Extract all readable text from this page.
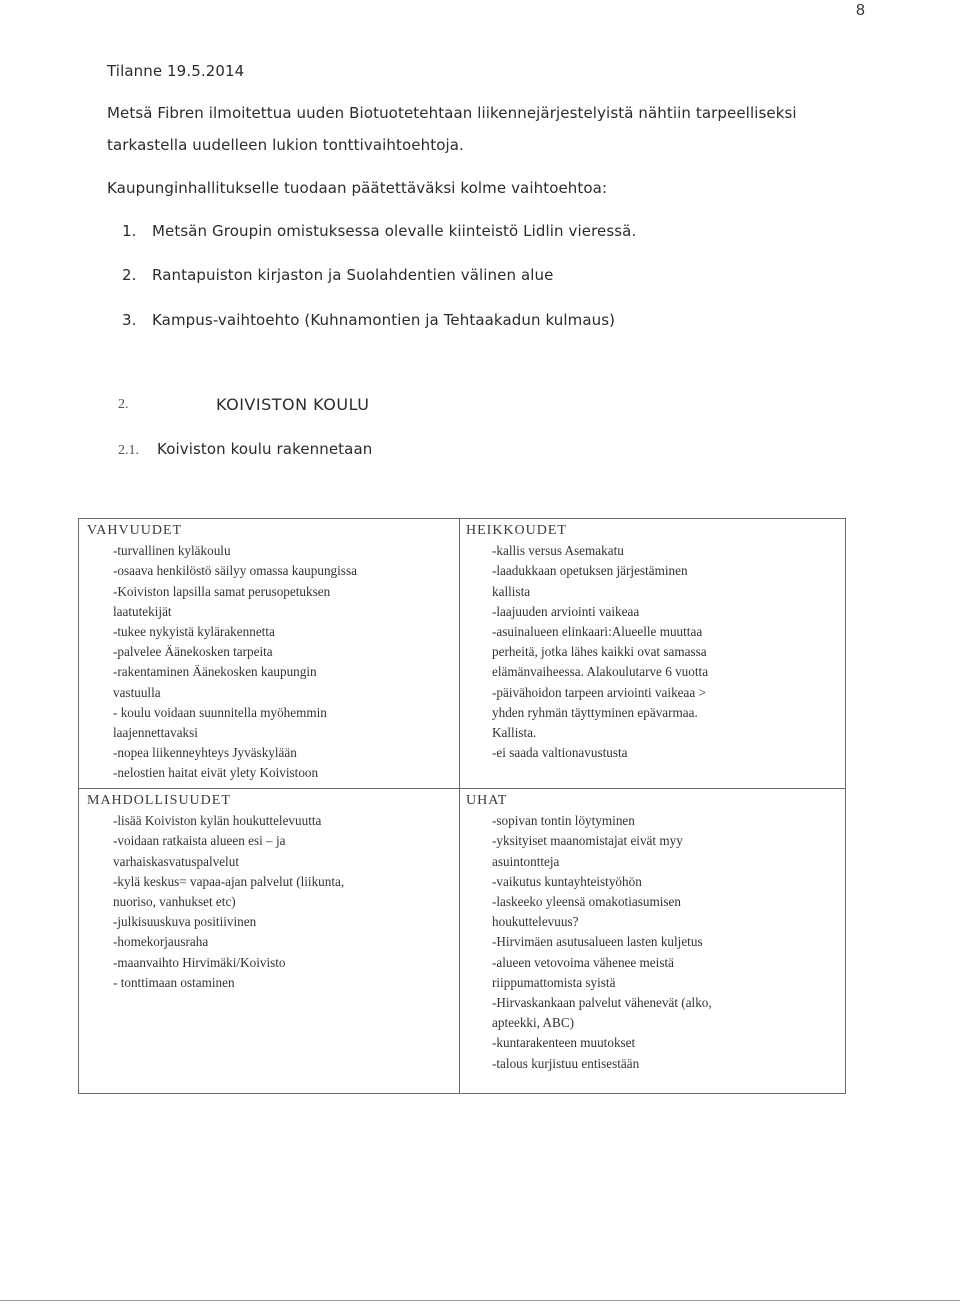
8
Tilanne 19.5.2014
Metsä Fibren ilmoitettua uuden Biotuotetehtaan liikennejärjestelyistä nähtiin tarpeelliseksi
tarkastella uudelleen lukion tonttivaihtoehtoja.
Kaupunginhallitukselle tuodaan päätettäväksi kolme vaihtoehtoa:
1. Metsän Groupin omistuksessa olevalle kiinteistö Lidlin vieressä.
2. Rantapuiston kirjaston ja Suolahdentien välinen alue
3. Kampus-vaihtoehto (Kuhnamontien ja Tehtaakadun kulmaus)
2.	KOIVISTON KOULU
2.1. Koiviston koulu rakennetaan
VAHVUUDET
-turvallinen kyläkoulu
-osaava henkilöstö säilyy omassa kaupungissa
-Koiviston lapsilla samat perusopetuksen
laatutekijät
-tukee nykyistä kylärakennetta
-palvelee Äänekosken tarpeita
-rakentaminen Äänekosken kaupungin
vastuulla
- koulu voidaan suunnitella myöhemmin
laajennettavaksi
-nopea liikenneyhteys Jyväskylään
-nelostien haitat eivät ylety Koivistoon
HEIKKOUDET
-kallis versus Asemakatu
-laadukkaan opetuksen järjestäminen
kallista
-laajuuden arviointi vaikeaa
-asuinalueen elinkaari:Alueelle muuttaa
perheitä, jotka lähes kaikki ovat samassa
elämänvaiheessa. Alakoulutarve 6 vuotta
-päivähoidon tarpeen arviointi vaikeaa >
yhden ryhmän täyttyminen epävarmaa.
Kallista.
-ei saada valtionavustusta
MAHDOLLISUUDET
-lisää Koiviston kylän houkuttelevuutta
-voidaan ratkaista alueen esi – ja
varhaiskasvatuspalvelut
-kylä keskus= vapaa-ajan palvelut (liikunta,
nuoriso, vanhukset etc)
-julkisuuskuva positiivinen
-homekorjausraha
-maanvaihto Hirvimäki/Koivisto
- tonttimaan ostaminen
UHAT
-sopivan tontin löytyminen
-yksityiset maanomistajat eivät myy
asuintontteja
-vaikutus kuntayhteistyöhön
-laskeeko yleensä omakotiasumisen
houkuttelevuus?
-Hirvimäen asutusalueen lasten kuljetus
-alueen vetovoima vähenee meistä
riippumattomista syistä
-Hirvaskankaan palvelut vähenevät (alko,
apteekki, ABC)
-kuntarakenteen muutokset
-talous kurjistuu entisestään
